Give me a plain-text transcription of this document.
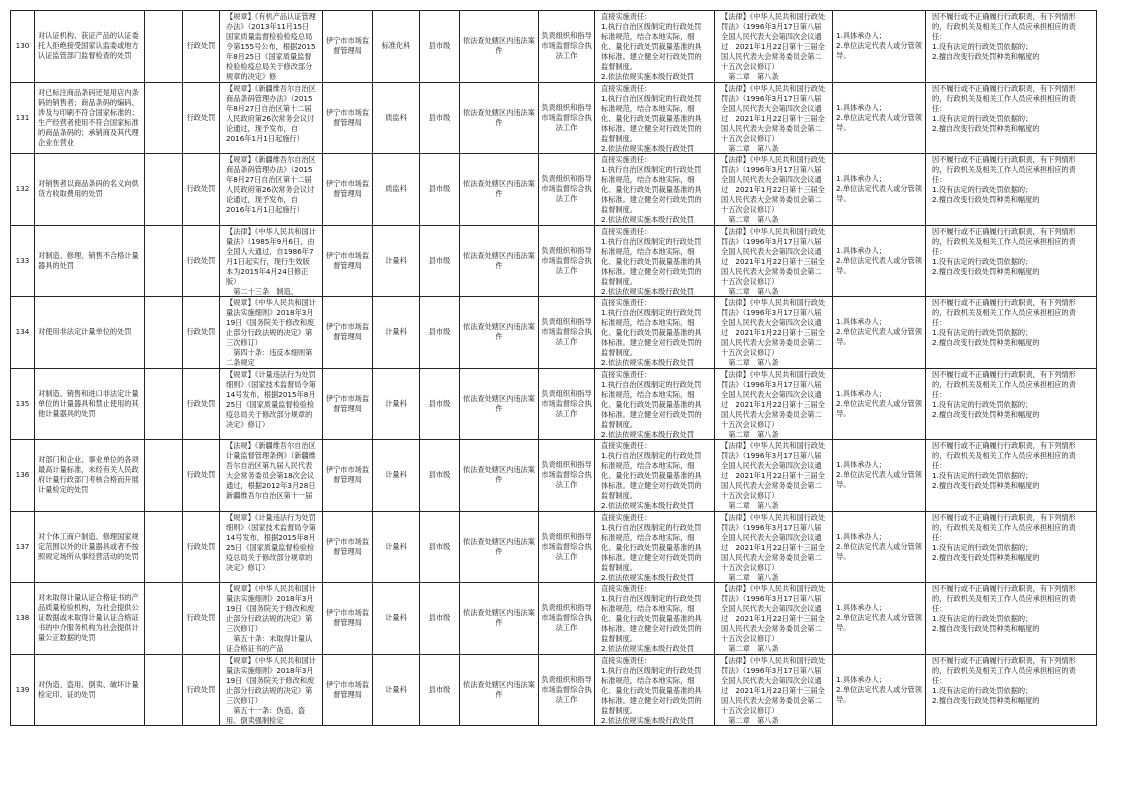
130	对认证机构、获证产品的认证委托人拒绝接受国家认监委或地方认证监管部门监督检查的处罚		行政处罚	【规章】《有机产品认证管理办法》（2013年11月15日国家质量监督检验检疫总局令第155号公布，根据2015年8月25日《国家质量监督检验检疫总局关于修改部分规章的决定》修	伊宁市市场监督管理局	标准化科	县市级	依法查处辖区内违法案件	负责组织和指导市场监督综合执法工作	直接实施责任：
1.执行自治区级制定的行政处罚标准规范，结合本地实际，细化、量化行政处罚裁量基准的具体标准。建立健全对行政处罚的监督制度。
2.依法依规实施本级行政处罚	【法律】《中华人民共和国行政处罚法》（1996年3月17日第八届全国人民代表大会第四次会议通过　2021年1月22日第十三届全国人民代表大会常务委员会第二十五次会议修订）
　第二章　第八条	1.具体承办人；
2.单位法定代表人或分管领导。	因不履行或不正确履行行政职责，有下列情形的，行政机关及相关工作人员应承担相应的责任：
1.没有法定的行政处罚依据的；
2.擅自改变行政处罚种类和幅度的

131	对已标注商品条码还是用店内条码的销售者；商品条码的编码、涉及与印刷不符合国家标准的；生产经营者使用不符合国家标准的商品条码的；承销商及其代理企业在营业		行政处罚	【规章】《新疆维吾尔自治区商品条码管理办法》（2015年8月27日自治区第十二届人民政府第26次常务会议讨论通过，现予发布，自2016年1月1日起施行）	伊宁市市场监督管理局	质监科	县市级	依法查处辖区内违法案件	负责组织和指导市场监督综合执法工作	直接实施责任：
1.执行自治区级制定的行政处罚标准规范，结合本地实际，细化、量化行政处罚裁量基准的具体标准。建立健全对行政处罚的监督制度。
2.依法依规实施本级行政处罚	【法律】《中华人民共和国行政处罚法》（1996年3月17日第八届全国人民代表大会第四次会议通过　2021年1月22日第十三届全国人民代表大会常务委员会第二十五次会议修订）
　第二章　第八条	1.具体承办人；
2.单位法定代表人或分管领导。	因不履行或不正确履行行政职责，有下列情形的，行政机关及相关工作人员应承担相应的责任：
1.没有法定的行政处罚依据的；
2.擅自改变行政处罚种类和幅度的

132	对销售者以商品条码的名义向供货方收取费用的处罚		行政处罚	【规章】《新疆维吾尔自治区商品条码管理办法》（2015年8月27日自治区第十二届人民政府第26次常务会议讨论通过，现予发布，自2016年1月1日起施行）	伊宁市市场监督管理局	质监科	县市级	依法查处辖区内违法案件	负责组织和指导市场监督综合执法工作	直接实施责任：
1.执行自治区级制定的行政处罚标准规范，结合本地实际，细化、量化行政处罚裁量基准的具体标准。建立健全对行政处罚的监督制度。
2.依法依规实施本级行政处罚	【法律】《中华人民共和国行政处罚法》（1996年3月17日第八届全国人民代表大会第四次会议通过　2021年1月22日第十三届全国人民代表大会常务委员会第二十五次会议修订）
　第二章　第八条	1.具体承办人；
2.单位法定代表人或分管领导。	因不履行或不正确履行行政职责，有下列情形的，行政机关及相关工作人员应承担相应的责任：
1.没有法定的行政处罚依据的；
2.擅自改变行政处罚种类和幅度的

133	对制造、修理、销售不合格计量器具的处罚		行政处罚	【法律】《中华人民共和国计量法》（1985年9月6日，由全国人大通过，自1986年7月1日起实行，现行生效版本为2015年4月24日修正版）
　第二十三条　制造、	伊宁市市场监督管理局	计量科	县市级	依法查处辖区内违法案件	负责组织和指导市场监督综合执法工作	直接实施责任：
1.执行自治区级制定的行政处罚标准规范，结合本地实际，细化、量化行政处罚裁量基准的具体标准。建立健全对行政处罚的监督制度。
2.依法依规实施本级行政处罚	【法律】《中华人民共和国行政处罚法》（1996年3月17日第八届全国人民代表大会第四次会议通过　2021年1月22日第十三届全国人民代表大会常务委员会第二十五次会议修订）
　第二章　第八条	1.具体承办人；
2.单位法定代表人或分管领导。	因不履行或不正确履行行政职责，有下列情形的，行政机关及相关工作人员应承担相应的责任：
1.没有法定的行政处罚依据的；
2.擅自改变行政处罚种类和幅度的

134	对使用非法定计量单位的处罚		行政处罚	【规章】《中华人民共和国计量法实施细则》2018年3月19日《国务院关于修改和废止部分行政法规的决定》第三次修订）
　第四十条：违反本细则第二条规定	伊宁市市场监督管理局	计量科	县市级	依法查处辖区内违法案件	负责组织和指导市场监督综合执法工作	直接实施责任：
1.执行自治区级制定的行政处罚标准规范，结合本地实际，细化、量化行政处罚裁量基准的具体标准。建立健全对行政处罚的监督制度。
2.依法依规实施本级行政处罚	【法律】《中华人民共和国行政处罚法》（1996年3月17日第八届全国人民代表大会第四次会议通过　2021年1月22日第十三届全国人民代表大会常务委员会第二十五次会议修订）
　第二章　第八条	1.具体承办人；
2.单位法定代表人或分管领导。	因不履行或不正确履行行政职责，有下列情形的，行政机关及相关工作人员应承担相应的责任：
1.没有法定的行政处罚依据的；
2.擅自改变行政处罚种类和幅度的

135	对制造、销售和进口非法定计量单位的计量器具和禁止使用的其他计量器具的处罚		行政处罚	【规章】《计量违法行为处罚细则》（国家技术监督局令第14号发布，根据2015年8月25日《国家质量监督检验检疫总局关于修改部分规章的决定》修订）	伊宁市市场监督管理局	计量科	县市级	依法查处辖区内违法案件	负责组织和指导市场监督综合执法工作	直接实施责任：
1.执行自治区级制定的行政处罚标准规范，结合本地实际，细化、量化行政处罚裁量基准的具体标准。建立健全对行政处罚的监督制度。
2.依法依规实施本级行政处罚	【法律】《中华人民共和国行政处罚法》（1996年3月17日第八届全国人民代表大会第四次会议通过　2021年1月22日第十三届全国人民代表大会常务委员会第二十五次会议修订）
　第二章　第八条	1.具体承办人；
2.单位法定代表人或分管领导。	因不履行或不正确履行行政职责，有下列情形的，行政机关及相关工作人员应承担相应的责任：
1.没有法定的行政处罚依据的；
2.擅自改变行政处罚种类和幅度的

136	对部门和企业、事业单位的各项最高计量标准，未经有关人民政府计量行政部门考核合格而开展计量检定的处罚		行政处罚	【法规】《新疆维吾尔自治区计量监督管理条例》（新疆维吾尔自治区第九届人民代表大会常务委员会第18次会议通过，根据2012年3月28日新疆维吾尔自治区第十一届	伊宁市市场监督管理局	计量科	县市级	依法查处辖区内违法案件	负责组织和指导市场监督综合执法工作	直接实施责任：
1.执行自治区级制定的行政处罚标准规范，结合本地实际，细化、量化行政处罚裁量基准的具体标准。建立健全对行政处罚的监督制度。
2.依法依规实施本级行政处罚	【法律】《中华人民共和国行政处罚法》（1996年3月17日第八届全国人民代表大会第四次会议通过　2021年1月22日第十三届全国人民代表大会常务委员会第二十五次会议修订）
　第二章　第八条	1.具体承办人；
2.单位法定代表人或分管领导。	因不履行或不正确履行行政职责，有下列情形的，行政机关及相关工作人员应承担相应的责任：
1.没有法定的行政处罚依据的；
2.擅自改变行政处罚种类和幅度的

137	对个体工商户制造、修理国家规定范围以外的计量器具或者不按照规定场所从事经营活动的处罚		行政处罚	【规章】《计量违法行为处罚细则》（国家技术监督局令第14号发布，根据2015年8月25日《国家质量监督检验检疫总局关于修改部分规章的决定》修订）	伊宁市市场监督管理局	计量科	县市级	依法查处辖区内违法案件	负责组织和指导市场监督综合执法工作	直接实施责任：
1.执行自治区级制定的行政处罚标准规范，结合本地实际，细化、量化行政处罚裁量基准的具体标准。建立健全对行政处罚的监督制度。
2.依法依规实施本级行政处罚	【法律】《中华人民共和国行政处罚法》（1996年3月17日第八届全国人民代表大会第四次会议通过　2021年1月22日第十三届全国人民代表大会常务委员会第二十五次会议修订）
　第二章　第八条	1.具体承办人；
2.单位法定代表人或分管领导。	因不履行或不正确履行行政职责，有下列情形的，行政机关及相关工作人员应承担相应的责任：
1.没有法定的行政处罚依据的；
2.擅自改变行政处罚种类和幅度的

138	对未取得计量认证合格证书的产品质量检验机构，为社会提供公证数据或未取得计量认证合格证书的中介服务机构为社会提供计量公正数据的处罚		行政处罚	【规章】《中华人民共和国计量法实施细则》2018年3月19日《国务院关于修改和废止部分行政法规的决定》第三次修订）
　第五十条：未取得计量认证合格证书的产品	伊宁市市场监督管理局	计量科	县市级	依法查处辖区内违法案件	负责组织和指导市场监督综合执法工作	直接实施责任：
1.执行自治区级制定的行政处罚标准规范，结合本地实际，细化、量化行政处罚裁量基准的具体标准。建立健全对行政处罚的监督制度。
2.依法依规实施本级行政处罚	【法律】《中华人民共和国行政处罚法》（1996年3月17日第八届全国人民代表大会第四次会议通过　2021年1月22日第十三届全国人民代表大会常务委员会第二十五次会议修订）
　第二章　第八条	1.具体承办人；
2.单位法定代表人或分管领导。	因不履行或不正确履行行政职责，有下列情形的，行政机关及相关工作人员应承担相应的责任：
1.没有法定的行政处罚依据的；
2.擅自改变行政处罚种类和幅度的

139	对伪造、盗用、倒卖、破坏计量检定印、证的处罚		行政处罚	【规章】《中华人民共和国计量法实施细则》2018年3月19日《国务院关于修改和废止部分行政法规的决定》第三次修订）
　第五十一条：伪造、盗用、倒卖强制检定	伊宁市市场监督管理局	计量科	县市级	依法查处辖区内违法案件	负责组织和指导市场监督综合执法工作	直接实施责任：
1.执行自治区级制定的行政处罚标准规范，结合本地实际，细化、量化行政处罚裁量基准的具体标准。建立健全对行政处罚的监督制度。
2.依法依规实施本级行政处罚	【法律】《中华人民共和国行政处罚法》（1996年3月17日第八届全国人民代表大会第四次会议通过　2021年1月22日第十三届全国人民代表大会常务委员会第二十五次会议修订）
　第二章　第八条	1.具体承办人；
2.单位法定代表人或分管领导。	因不履行或不正确履行行政职责，有下列情形的，行政机关及相关工作人员应承担相应的责任：
1.没有法定的行政处罚依据的；
2.擅自改变行政处罚种类和幅度的
